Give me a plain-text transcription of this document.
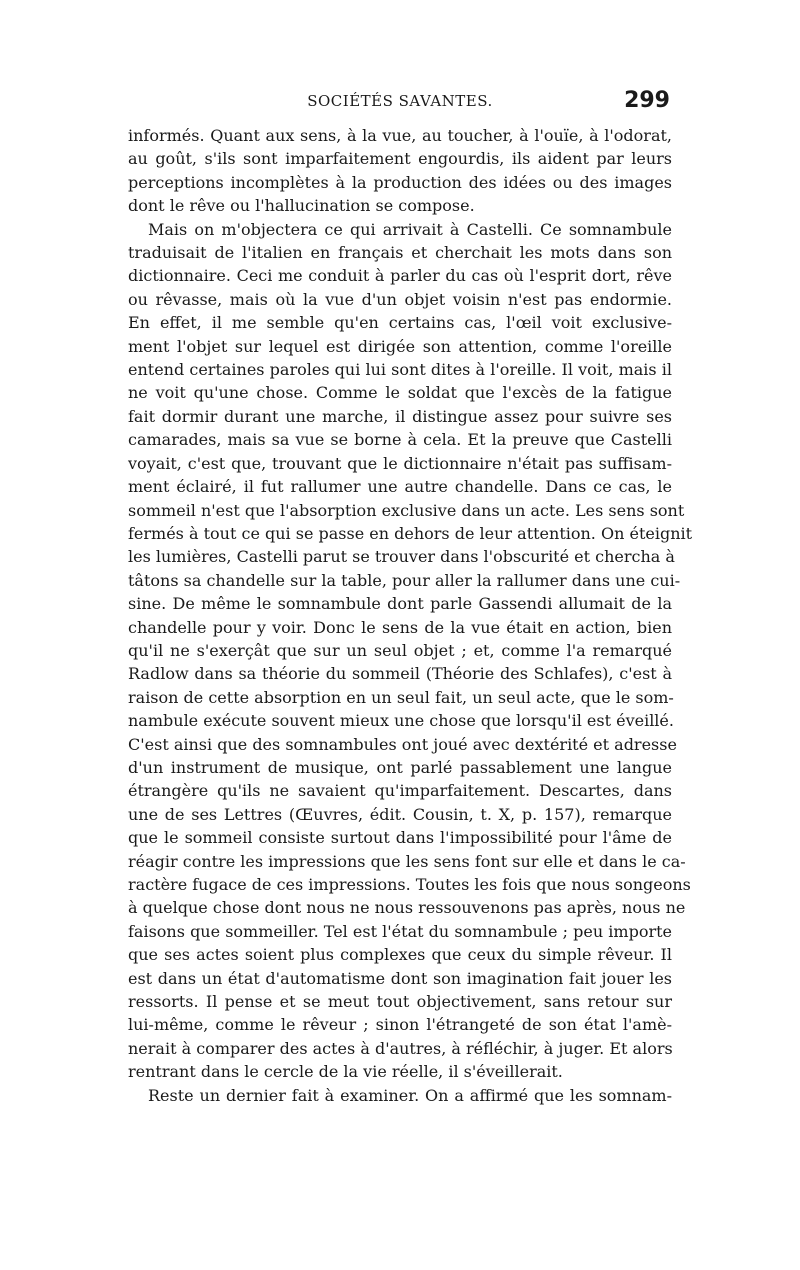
SOCIÉTÉS SAVANTES.	299
informés. Quant aux sens, à la vue, au toucher, à l'ouïe, à l'odorat,
au goût, s'ils sont imparfaitement engourdis, ils aident par leurs
perceptions incomplètes à la production des idées ou des images
dont le rêve ou l'hallucination se compose.
Mais on m'objectera ce qui arrivait à Castelli. Ce somnambule
traduisait de l'italien en français et cherchait les mots dans son
dictionnaire. Ceci me conduit à parler du cas où l'esprit dort, rêve
ou rêvasse, mais où la vue d'un objet voisin n'est pas endormie.
En effet, il me semble qu'en certains cas, l'œil voit exclusive-
ment l'objet sur lequel est dirigée son attention, comme l'oreille
entend certaines paroles qui lui sont dites à l'oreille. Il voit, mais il
ne voit qu'une chose. Comme le soldat que l'excès de la fatigue
fait dormir durant une marche, il distingue assez pour suivre ses
camarades, mais sa vue se borne à cela. Et la preuve que Castelli
voyait, c'est que, trouvant que le dictionnaire n'était pas suffisam-
ment éclairé, il fut rallumer une autre chandelle. Dans ce cas, le
sommeil n'est que l'absorption exclusive dans un acte. Les sens sont
fermés à tout ce qui se passe en dehors de leur attention. On éteignit
les lumières, Castelli parut se trouver dans l'obscurité et chercha à
tâtons sa chandelle sur la table, pour aller la rallumer dans une cui-
sine. De même le somnambule dont parle Gassendi allumait de la
chandelle pour y voir. Donc le sens de la vue était en action, bien
qu'il ne s'exerçât que sur un seul objet ; et, comme l'a remarqué
Radlow dans sa théorie du sommeil (Théorie des Schlafes), c'est à
raison de cette absorption en un seul fait, un seul acte, que le som-
nambule exécute souvent mieux une chose que lorsqu'il est éveillé.
C'est ainsi que des somnambules ont joué avec dextérité et adresse
d'un instrument de musique, ont parlé passablement une langue
étrangère qu'ils ne savaient qu'imparfaitement. Descartes, dans
une de ses Lettres (Œuvres, édit. Cousin, t. X, p. 157), remarque
que le sommeil consiste surtout dans l'impossibilité pour l'âme de
réagir contre les impressions que les sens font sur elle et dans le ca-
ractère fugace de ces impressions. Toutes les fois que nous songeons
à quelque chose dont nous ne nous ressouvenons pas après, nous ne
faisons que sommeiller. Tel est l'état du somnambule ; peu importe
que ses actes soient plus complexes que ceux du simple rêveur. Il
est dans un état d'automatisme dont son imagination fait jouer les
ressorts. Il pense et se meut tout objectivement, sans retour sur
lui-même, comme le rêveur ; sinon l'étrangeté de son état l'amè-
nerait à comparer des actes à d'autres, à réfléchir, à juger. Et alors
rentrant dans le cercle de la vie réelle, il s'éveillerait.
Reste un dernier fait à examiner. On a affirmé que les somnam-
